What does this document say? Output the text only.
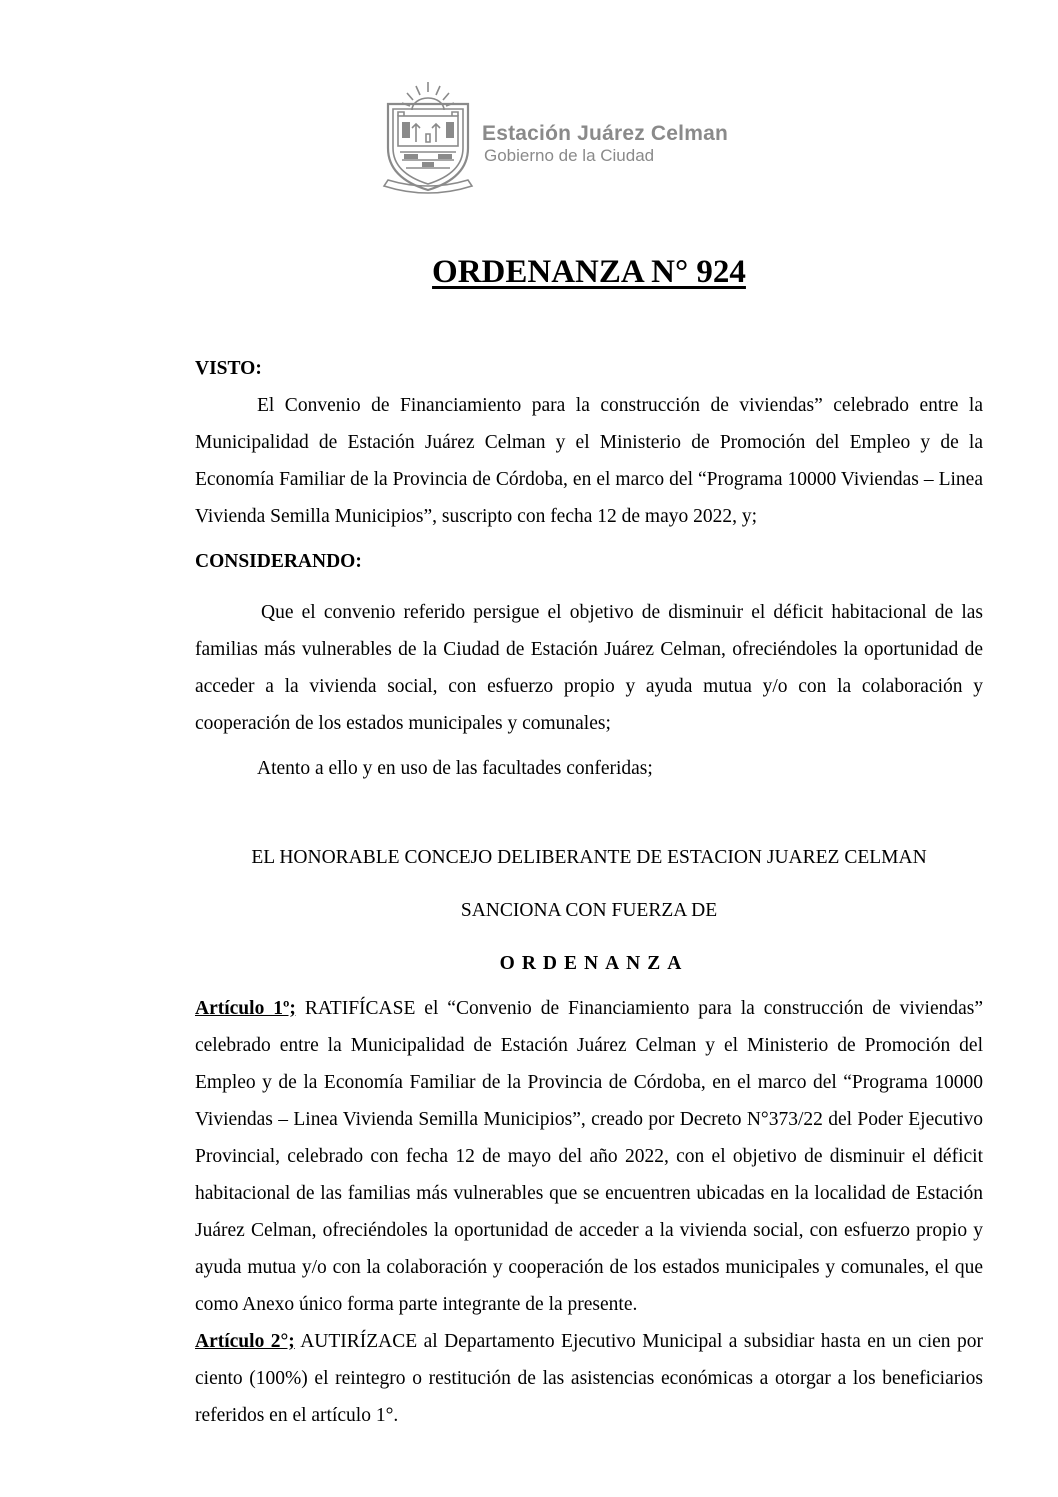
Estación Juárez Celman
Gobierno de la Ciudad
ORDENANZA N° 924
VISTO:

El Convenio de Financiamiento para la construcción de viviendas” celebrado entre la Municipalidad de Estación Juárez Celman y el Ministerio de Promoción del Empleo y de la Economía Familiar de la Provincia de Córdoba, en el marco del “Programa 10000 Viviendas – Linea Vivienda Semilla Municipios”, suscripto con fecha 12 de mayo 2022, y;

CONSIDERANDO:

Que el convenio referido persigue el objetivo de disminuir el déficit habitacional de las familias más vulnerables de la Ciudad de Estación Juárez Celman, ofreciéndoles la oportunidad de acceder a la vivienda social, con esfuerzo propio y ayuda mutua y/o con la colaboración y cooperación de los estados municipales y comunales;

Atento a ello y en uso de las facultades conferidas;

EL HONORABLE CONCEJO DELIBERANTE DE ESTACION JUAREZ CELMAN
SANCIONA CON FUERZA DE
ORDENANZA

Artículo 1º; RATIFÍCASE el “Convenio de Financiamiento para la construcción de viviendas” celebrado entre la Municipalidad de Estación Juárez Celman y el Ministerio de Promoción del Empleo y de la Economía Familiar de la Provincia de Córdoba, en el marco del “Programa 10000 Viviendas – Linea Vivienda Semilla Municipios”, creado por Decreto N°373/22 del Poder Ejecutivo Provincial, celebrado con fecha 12 de mayo del año 2022, con el objetivo de disminuir el déficit habitacional de las familias más vulnerables que se encuentren ubicadas en la localidad de Estación Juárez Celman, ofreciéndoles la oportunidad de acceder a la vivienda social, con esfuerzo propio y ayuda mutua y/o con la colaboración y cooperación de los estados municipales y comunales, el que como Anexo único forma parte integrante de la presente.

Artículo 2°; AUTIRÍZACE al Departamento Ejecutivo Municipal a subsidiar hasta en un cien por ciento (100%) el reintegro o restitución de las asistencias económicas a otorgar a los beneficiarios referidos en el artículo 1°.
